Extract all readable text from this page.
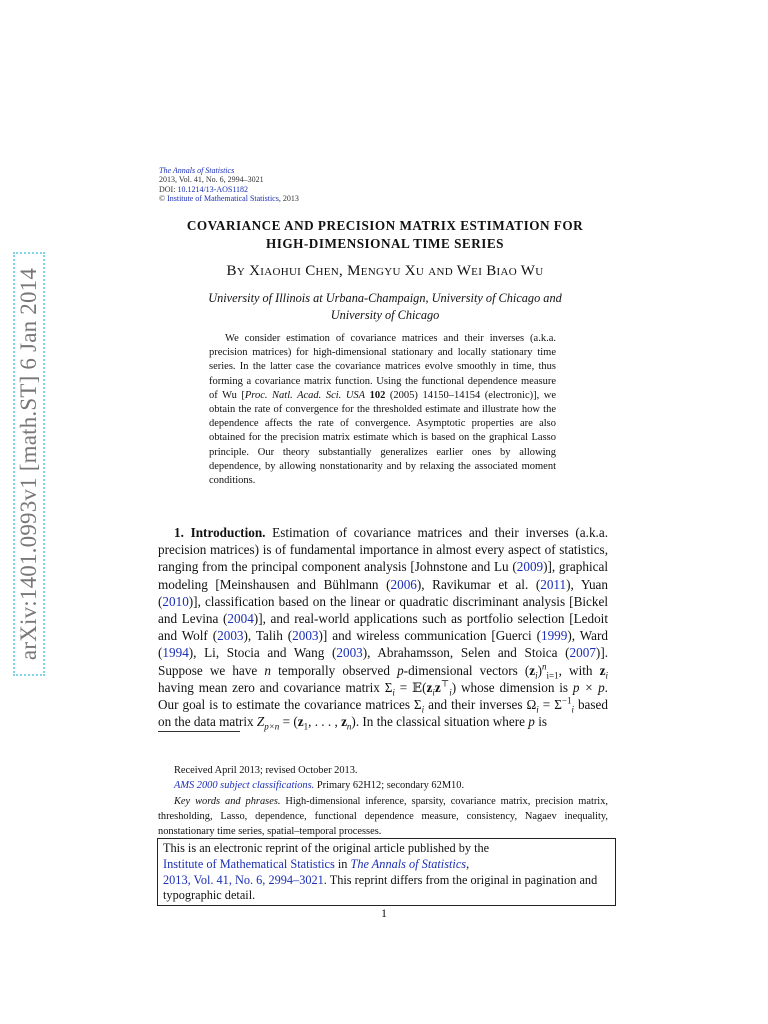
arXiv:1401.0993v1 [math.ST] 6 Jan 2014
The Annals of Statistics
2013, Vol. 41, No. 6, 2994–3021
DOI: 10.1214/13-AOS1182
© Institute of Mathematical Statistics, 2013
COVARIANCE AND PRECISION MATRIX ESTIMATION FOR
HIGH-DIMENSIONAL TIME SERIES
By Xiaohui Chen, Mengyu Xu and Wei Biao Wu
University of Illinois at Urbana-Champaign, University of Chicago and
University of Chicago

We consider estimation of covariance matrices and their inverses (a.k.a. precision matrices) for high-dimensional stationary and locally stationary time series. In the latter case the covariance matrices evolve smoothly in time, thus forming a covariance matrix function. Using the functional dependence measure of Wu [Proc. Natl. Acad. Sci. USA 102 (2005) 14150–14154 (electronic)], we obtain the rate of convergence for the thresholded estimate and illustrate how the dependence affects the rate of convergence. Asymptotic properties are also obtained for the precision matrix estimate which is based on the graphical Lasso principle. Our theory substantially generalizes earlier ones by allowing dependence, by allowing nonstationarity and by relaxing the associated moment conditions.

1. Introduction. Estimation of covariance matrices and their inverses (a.k.a. precision matrices) is of fundamental importance in almost every aspect of statistics, ranging from the principal component analysis [Johnstone and Lu (2009)], graphical modeling [Meinshausen and Bühlmann (2006), Ravikumar et al. (2011), Yuan (2010)], classification based on the linear or quadratic discriminant analysis [Bickel and Levina (2004)], and real-world applications such as portfolio selection [Ledoit and Wolf (2003), Talih (2003)] and wireless communication [Guerci (1999), Ward (1994), Li, Stocia and Wang (2003), Abrahamsson, Selen and Stoica (2007)]. Suppose we have n temporally observed p-dimensional vectors $(z_i)^n_{i=1}$, with $z_i$ having mean zero and covariance matrix $\Sigma_i$ = $𝔼(z_iz^⊤_i)$ whose dimension is p × p. Our goal is to estimate the covariance matrices $\Sigma_i$ and their inverses $\Omega_i = \Sigma^{-1}_i$ based on the data matrix $Z_{p\times n} = (z_1$, . . . , $z_n$). In the classical situation where p is

Received April 2013; revised October 2013.

AMS 2000 subject classifications. Primary 62H12; secondary 62M10.

Key words and phrases. High-dimensional inference, sparsity, covariance matrix, precision matrix, thresholding, Lasso, dependence, functional dependence measure, consistency, Nagaev inequality, nonstationary time series, spatial–temporal processes.

This is an electronic reprint of the original article published by the
Institute of Mathematical Statistics in The Annals of Statistics,
2013, Vol. 41, No. 6, 2994–3021. This reprint differs from the original in pagination and typographic detail.
1
